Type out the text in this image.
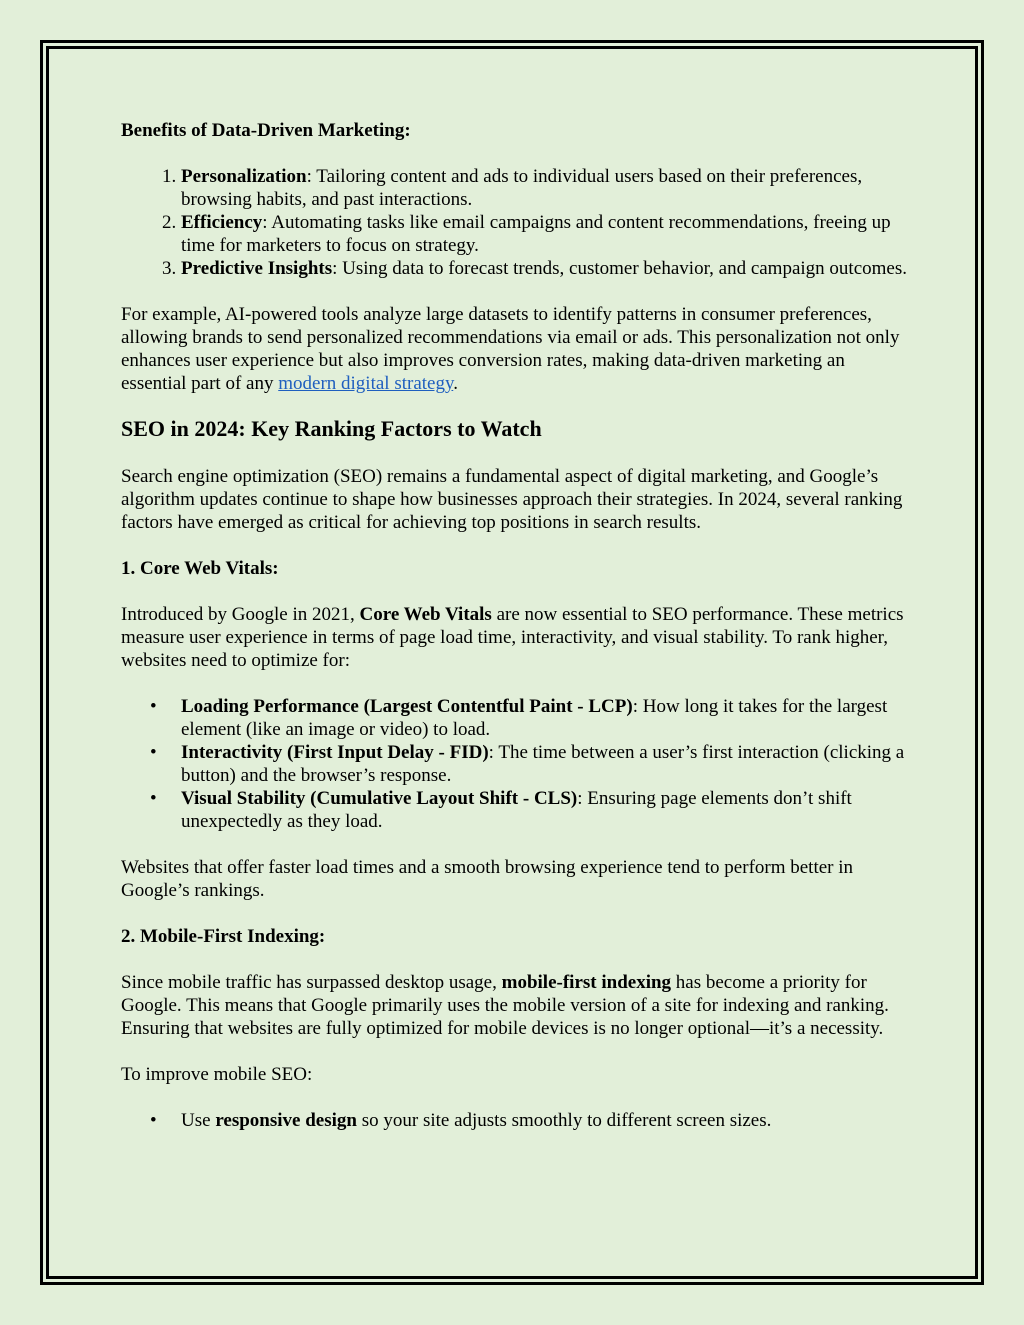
Benefits of Data-Driven Marketing:

1. Personalization: Tailoring content and ads to individual users based on their preferences, browsing habits, and past interactions.
2. Efficiency: Automating tasks like email campaigns and content recommendations, freeing up time for marketers to focus on strategy.
3. Predictive Insights: Using data to forecast trends, customer behavior, and campaign outcomes.

For example, AI-powered tools analyze large datasets to identify patterns in consumer preferences, allowing brands to send personalized recommendations via email or ads. This personalization not only enhances user experience but also improves conversion rates, making data-driven marketing an essential part of any modern digital strategy.

SEO in 2024: Key Ranking Factors to Watch

Search engine optimization (SEO) remains a fundamental aspect of digital marketing, and Google’s algorithm updates continue to shape how businesses approach their strategies. In 2024, several ranking factors have emerged as critical for achieving top positions in search results.

1. Core Web Vitals:

Introduced by Google in 2021, Core Web Vitals are now essential to SEO performance. These metrics measure user experience in terms of page load time, interactivity, and visual stability. To rank higher, websites need to optimize for:

• Loading Performance (Largest Contentful Paint - LCP): How long it takes for the largest element (like an image or video) to load.
• Interactivity (First Input Delay - FID): The time between a user’s first interaction (clicking a button) and the browser’s response.
• Visual Stability (Cumulative Layout Shift - CLS): Ensuring page elements don’t shift unexpectedly as they load.

Websites that offer faster load times and a smooth browsing experience tend to perform better in Google’s rankings.

2. Mobile-First Indexing:

Since mobile traffic has surpassed desktop usage, mobile-first indexing has become a priority for Google. This means that Google primarily uses the mobile version of a site for indexing and ranking. Ensuring that websites are fully optimized for mobile devices is no longer optional—it’s a necessity.

To improve mobile SEO:

• Use responsive design so your site adjusts smoothly to different screen sizes.
